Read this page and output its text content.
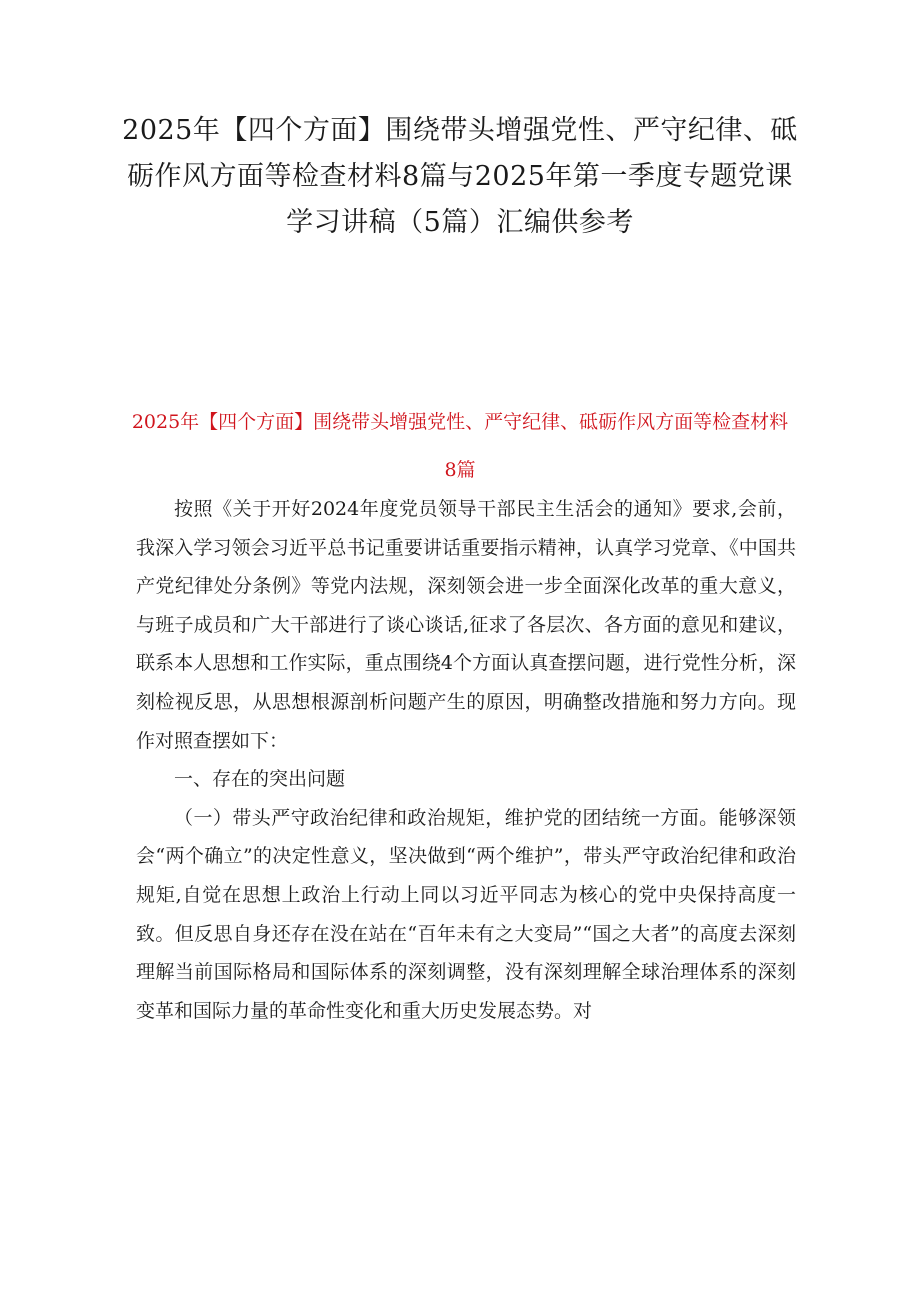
2025年【四个方面】围绕带头增强党性、严守纪律、砥砺作风方面等检查材料8篇与2025年第一季度专题党课学习讲稿（5篇）汇编供参考
2025年【四个方面】围绕带头增强党性、严守纪律、砥砺作风方面等检查材料8篇

按照《关于开好2024年度党员领导干部民主生活会的通知》要求,会前，我深入学习领会习近平总书记重要讲话重要指示精神，认真学习党章、《中国共产党纪律处分条例》等党内法规，深刻领会进一步全面深化改革的重大意义，与班子成员和广大干部进行了谈心谈话,征求了各层次、各方面的意见和建议，联系本人思想和工作实际，重点围绕4个方面认真查摆问题，进行党性分析，深刻检视反思，从思想根源剖析问题产生的原因，明确整改措施和努力方向。现作对照查摆如下：

一、存在的突出问题

（一）带头严守政治纪律和政治规矩，维护党的团结统一方面。能够深领会“两个确立”的决定性意义，坚决做到“两个维护”，带头严守政治纪律和政治规矩,自觉在思想上政治上行动上同以习近平同志为核心的党中央保持高度一致。但反思自身还存在没在站在“百年未有之大变局”“国之大者”的高度去深刻理解当前国际格局和国际体系的深刻调整，没有深刻理解全球治理体系的深刻变革和国际力量的革命性变化和重大历史发展态势。对
